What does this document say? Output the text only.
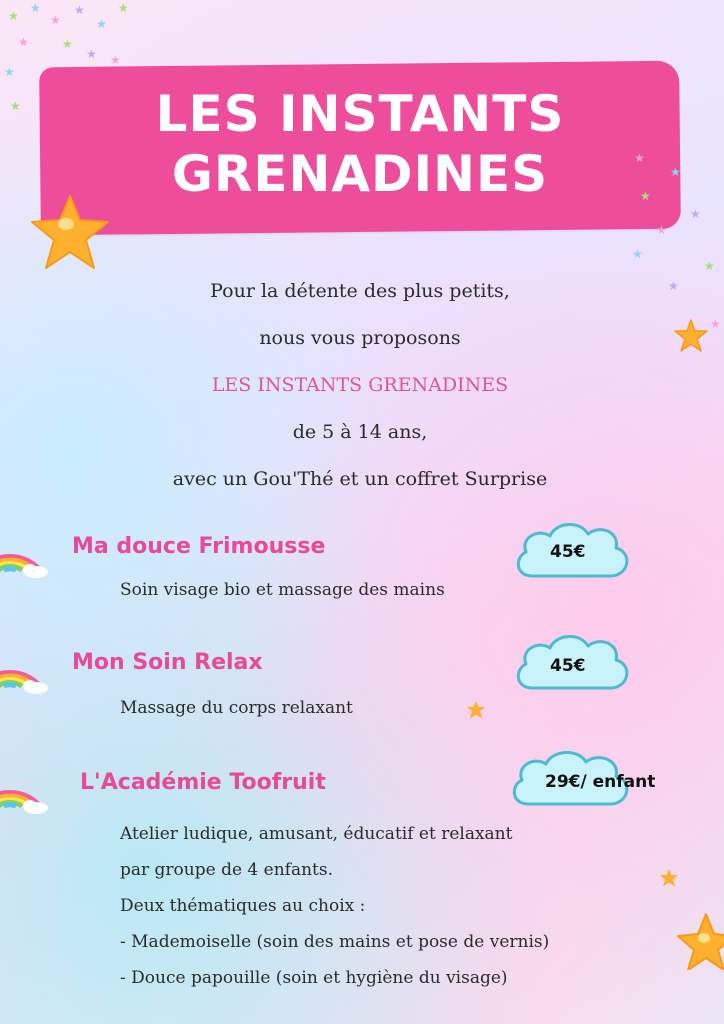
★
★
★
★
★
★
★	★
★
★
★
★	LES INSTANTS
GRENADINES	★
★
★
★
★
★
★
★
★
Pour la détente des plus petits,
nous vous proposons
LES INSTANTS GRENADINES
de 5 à 14 ans,
avec un Gou'Thé et un coffret Surprise
Ma douce Frimousse

Soin visage bio et massage des mains

45€
Mon Soin Relax

Massage du corps relaxant

45€
L'Académie Toofruit	29€/ enfant
Atelier ludique, amusant, éducatif et relaxant
par groupe de 4 enfants.
Deux thématiques au choix :
- Mademoiselle (soin des mains et pose de vernis)
- Douce papouille (soin et hygiène du visage)
